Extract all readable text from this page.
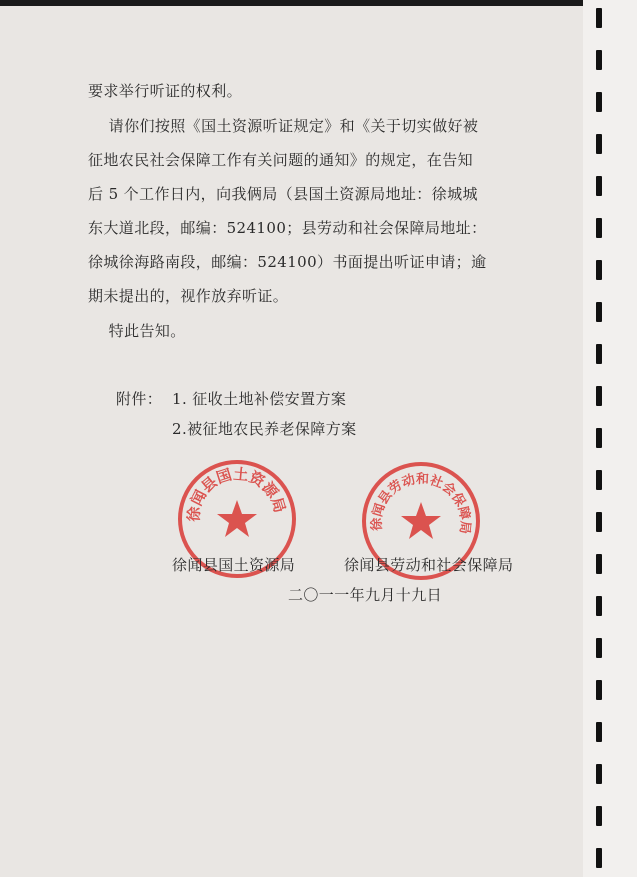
要求举行听证的权利。
请你们按照《国土资源听证规定》和《关于切实做好被
征地农民社会保障工作有关问题的通知》的规定，在告知
后 5 个工作日内，向我俩局（县国土资源局地址：徐城城
东大道北段，邮编：524100；县劳动和社会保障局地址：
徐城徐海路南段，邮编：524100）书面提出听证申请；逾
期未提出的，视作放弃听证。
特此告知。
附件： 1. 征收土地补偿安置方案
2.被征地农民养老保障方案
徐闻县国土资源局
徐闻县劳动和社会保障局
徐闻县国土资源局	徐闻县劳动和社会保障局
二〇一一年九月十九日
